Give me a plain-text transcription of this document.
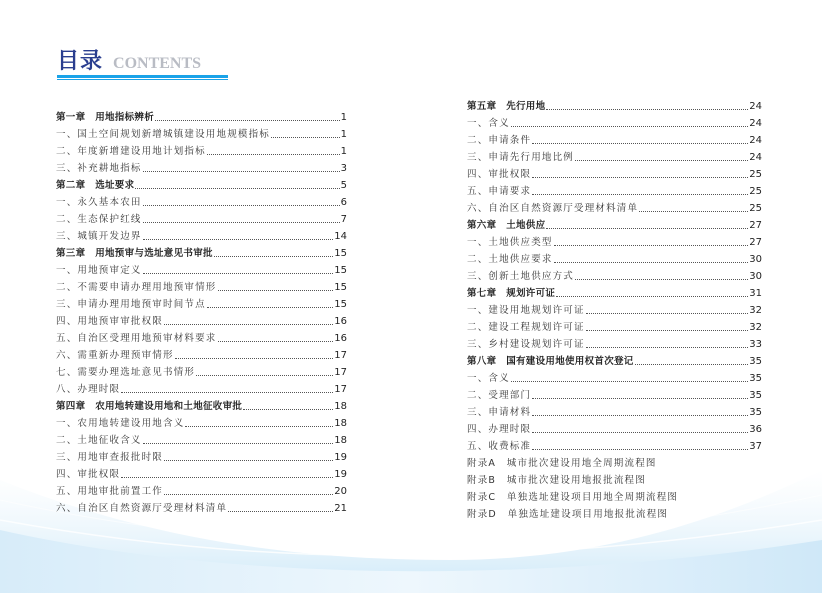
目录 CONTENTS
第一章　用地指标辨析	1
一、国土空间规划新增城镇建设用地规模指标	1
二、年度新增建设用地计划指标	1
三、补充耕地指标	3
第二章　选址要求	5
一、永久基本农田	6
二、生态保护红线	7
三、城镇开发边界	14
第三章　用地预审与选址意见书审批	15
一、用地预审定义	15
二、不需要申请办理用地预审情形	15
三、申请办理用地预审时间节点	15
四、用地预审审批权限	16
五、自治区受理用地预审材料要求	16
六、需重新办理预审情形	17
七、需要办理选址意见书情形	17
八、办理时限	17
第四章　农用地转建设用地和土地征收审批	18
一、农用地转建设用地含义	18
二、土地征收含义	18
三、用地审查报批时限	19
四、审批权限	19
五、用地审批前置工作	20
六、自治区自然资源厅受理材料清单	21
第五章　先行用地	24
一、含义	24
二、申请条件	24
三、申请先行用地比例	24
四、审批权限	25
五、申请要求	25
六、自治区自然资源厅受理材料清单	25
第六章　土地供应	27
一、土地供应类型	27
二、土地供应要求	30
三、创新土地供应方式	30
第七章　规划许可证	31
一、建设用地规划许可证	32
二、建设工程规划许可证	32
三、乡村建设规划许可证	33
第八章　国有建设用地使用权首次登记	35
一、含义	35
二、受理部门	35
三、申请材料	35
四、办理时限	36
五、收费标准	37
附录A　城市批次建设用地全周期流程图
附录B　城市批次建设用地报批流程图
附录C　单独选址建设项目用地全周期流程图
附录D　单独选址建设项目用地报批流程图
